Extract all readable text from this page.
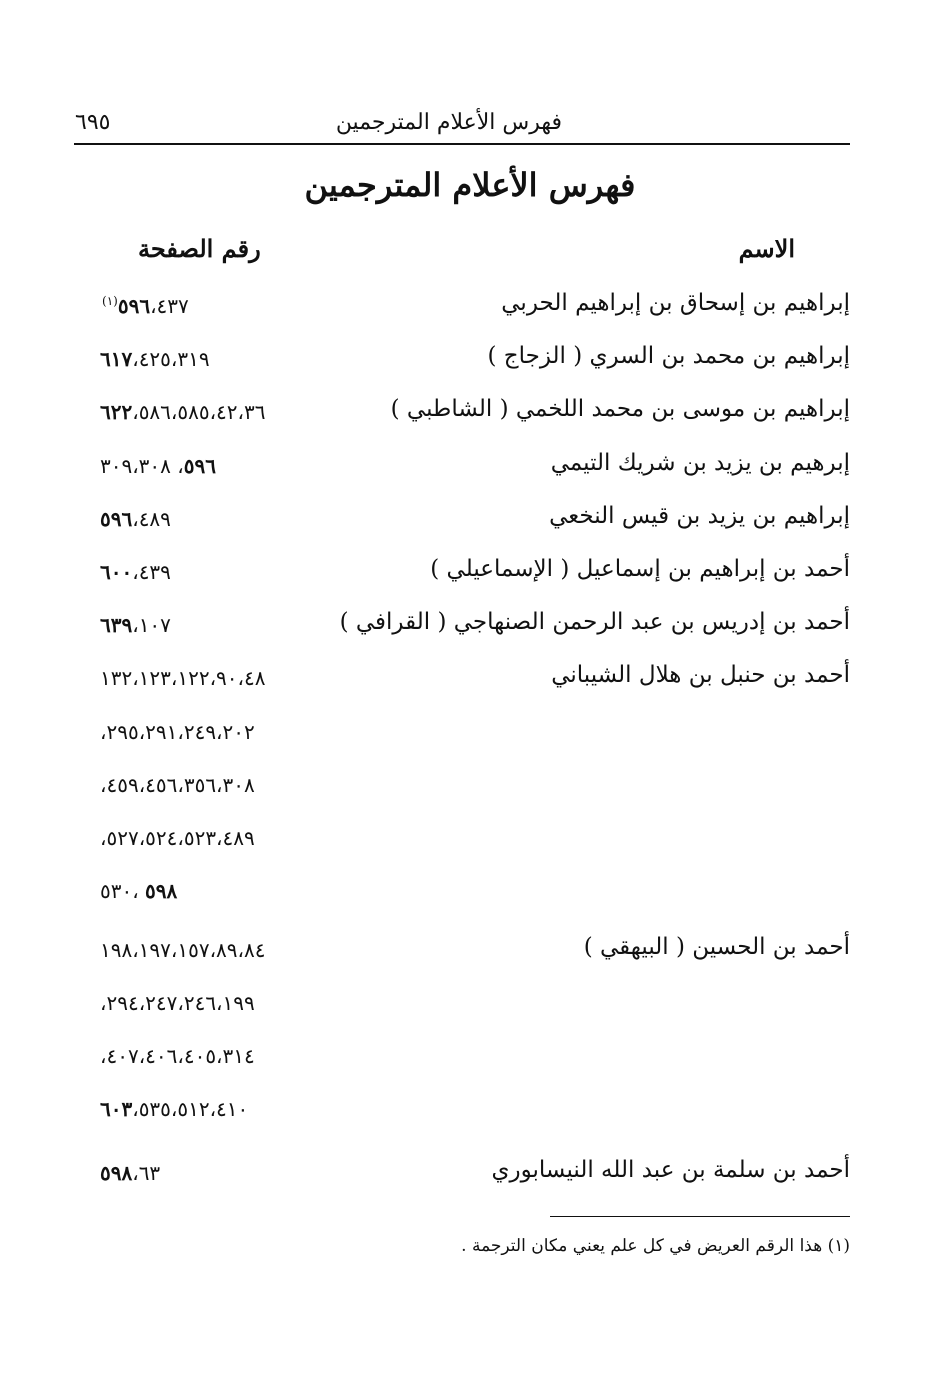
فهرس الأعلام المترجمين
٦٩٥
فهرس الأعلام المترجمين
الاسم
رقم الصفحة
إبراهيم بن إسحاق بن إبراهيم الحربي
٥٩٦،٤٣٧$^{(١)}$
إبراهيم بن محمد بن السري ( الزجاج )
٦١٧،٤٢٥،٣١٩
إبراهيم بن موسى بن محمد اللخمي ( الشاطبي )
٦٢٢،٥٨٦،٥٨٥،٤٢،٣٦
إبرهيم بن يزيد بن شريك التيمي
٥٩٦، ٣٠٩،٣٠٨
إبراهيم بن يزيد بن قيس النخعي
٥٩٦،٤٨٩
أحمد بن إبراهيم بن إسماعيل ( الإسماعيلي )
٦٠٠،٤٣٩
أحمد بن إدريس بن عبد الرحمن الصنهاجي ( القرافي )
٦٣٩،١٠٧
أحمد بن حنبل بن هلال الشيباني
١٣٢،١٢٣،١٢٢،٩٠،٤٨
،٢٩٥،٢٩١،٢٤٩،٢٠٢
،٤٥٩،٤٥٦،٣٥٦،٣٠٨
،٥٢٧،٥٢٤،٥٢٣،٤٨٩
٥٩٨ ،٥٣٠
أحمد بن الحسين ( البيهقي )
١٩٨،١٩٧،١٥٧،٨٩،٨٤
،٢٩٤،٢٤٧،٢٤٦،١٩٩
،٤٠٧،٤٠٦،٤٠٥،٣١٤
٦٠٣،٥٣٥،٥١٢،٤١٠
أحمد بن سلمة بن عبد الله النيسابوري
٥٩٨،٦٣
(١) هذا الرقم العريض في كل علم يعني مكان الترجمة .
